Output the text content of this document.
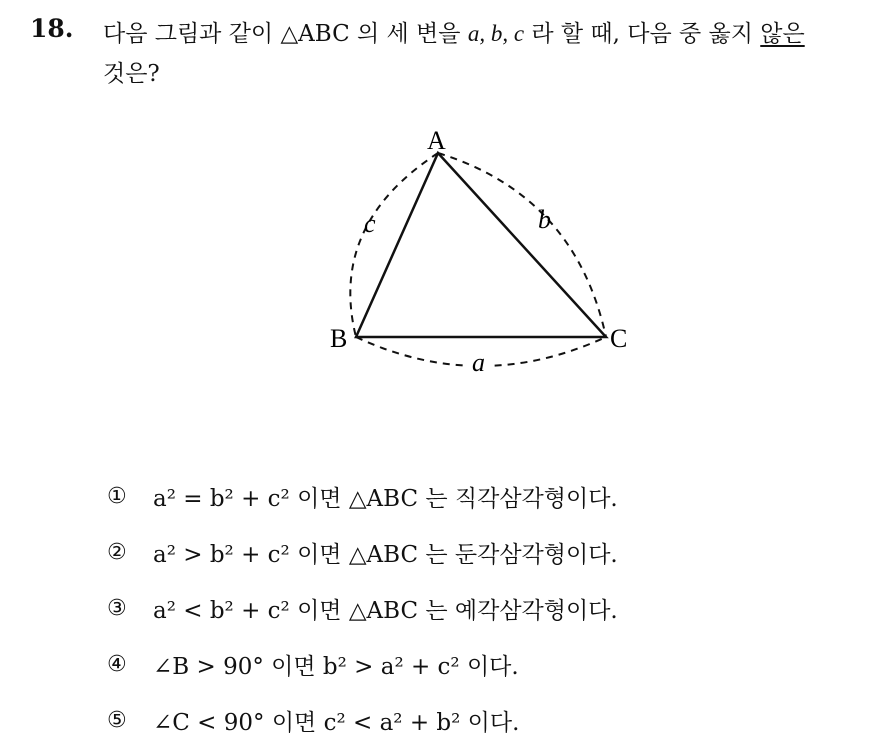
18. 다음 그림과 같이 △ABC 의 세 변을 a, b, c 라 할 때, 다음 중 옳지 않은
것은?
A
B	C
c	b
a
①	a² = b² + c² 이면 △ABC 는 직각삼각형이다.
②	a² > b² + c² 이면 △ABC 는 둔각삼각형이다.
③	a² < b² + c² 이면 △ABC 는 예각삼각형이다.
④	∠B > 90° 이면 b² > a² + c² 이다.
⑤	∠C < 90° 이면 c² < a² + b² 이다.
